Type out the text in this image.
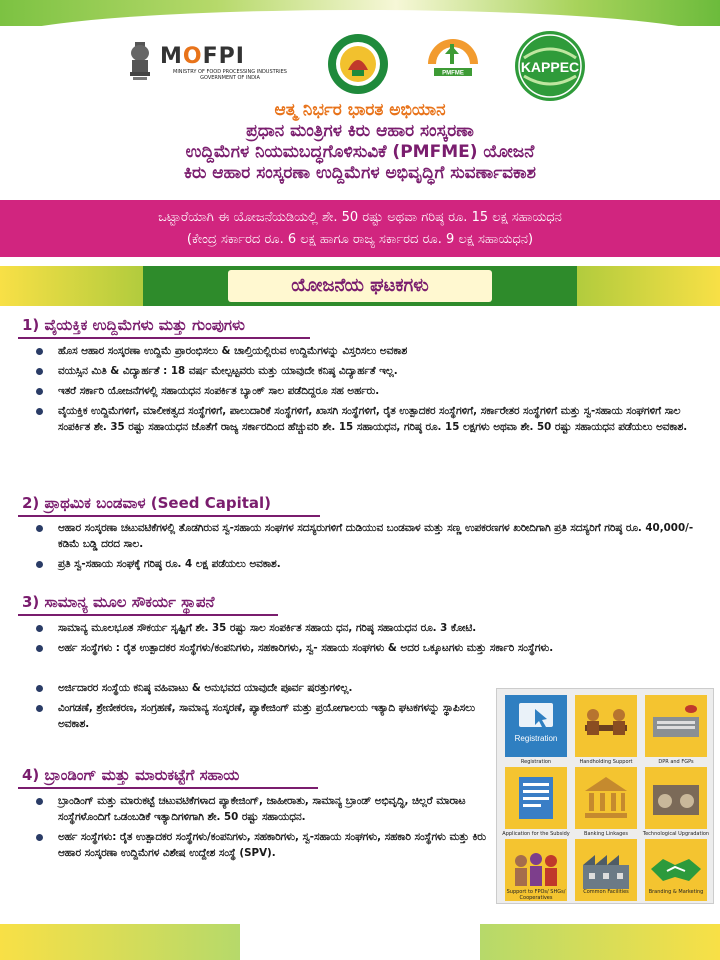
MOFPI
MINISTRY OF FOOD PROCESSING INDUSTRIES
GOVERNMENT OF INDIA
PMFME	KAPPEC
ಆತ್ಮ ನಿರ್ಭರ ಭಾರತ ಅಭಿಯಾನ
ಪ್ರಧಾನ ಮಂತ್ರಿಗಳ ಕಿರು ಆಹಾರ ಸಂಸ್ಕರಣಾ
ಉದ್ದಿಮೆಗಳ ನಿಯಮಬದ್ಧಗೊಳಿಸುವಿಕೆ (PMFME) ಯೋಜನೆ
ಕಿರು ಆಹಾರ ಸಂಸ್ಕರಣಾ ಉದ್ದಿಮೆಗಳ ಅಭಿವೃದ್ಧಿಗೆ ಸುವರ್ಣಾವಕಾಶ
ಒಟ್ಟಾರೆಯಾಗಿ ಈ ಯೋಜನೆಯಡಿಯಲ್ಲಿ ಶೇ. 50 ರಷ್ಟು ಅಥವಾ ಗರಿಷ್ಠ ರೂ. 15 ಲಕ್ಷ ಸಹಾಯಧನ
(ಕೇಂದ್ರ ಸರ್ಕಾರದ ರೂ. 6 ಲಕ್ಷ ಹಾಗೂ ರಾಜ್ಯ ಸರ್ಕಾರದ ರೂ. 9 ಲಕ್ಷ ಸಹಾಯಧನ)
ಯೋಜನೆಯ ಘಟಕಗಳು
1) ವೈಯಕ್ತಿಕ ಉದ್ದಿಮೆಗಳು ಮತ್ತು ಗುಂಪುಗಳು
ಹೊಸ ಆಹಾರ ಸಂಸ್ಕರಣಾ ಉದ್ದಿಮೆ ಪ್ರಾರಂಭಿಸಲು & ಚಾಲ್ತಿಯಲ್ಲಿರುವ ಉದ್ದಿಮೆಗಳನ್ನು ವಿಸ್ತರಿಸಲು ಅವಕಾಶ
ವಯಸ್ಸಿನ ಮಿತಿ & ವಿದ್ಯಾರ್ಹತೆ : 18 ವರ್ಷ ಮೇಲ್ಪಟ್ಟವರು ಮತ್ತು ಯಾವುದೇ ಕನಿಷ್ಠ ವಿದ್ಯಾರ್ಹತೆ ಇಲ್ಲ.
ಇತರೆ ಸರ್ಕಾರಿ ಯೋಜನೆಗಳಲ್ಲಿ ಸಹಾಯಧನ ಸಂಪರ್ಕಿತ ಬ್ಯಾಂಕ್ ಸಾಲ ಪಡೆದಿದ್ದರೂ ಸಹ ಅರ್ಹರು.
ವೈಯಕ್ತಿಕ ಉದ್ದಿಮೆಗಳಿಗೆ, ಮಾಲೀಕತ್ವದ ಸಂಸ್ಥೆಗಳಿಗೆ, ಪಾಲುದಾರಿಕೆ ಸಂಸ್ಥೆಗಳಿಗೆ, ಖಾಸಗಿ ಸಂಸ್ಥೆಗಳಿಗೆ, ರೈತ ಉತ್ಪಾದಕರ ಸಂಸ್ಥೆಗಳಿಗೆ, ಸರ್ಕಾರೇತರ ಸಂಸ್ಥೆಗಳಿಗೆ ಮತ್ತು ಸ್ವ-ಸಹಾಯ ಸಂಘಗಳಿಗೆ ಸಾಲ ಸಂಪರ್ಕಿತ ಶೇ. 35 ರಷ್ಟು ಸಹಾಯಧನ ಜೊತೆಗೆ ರಾಜ್ಯ ಸರ್ಕಾರದಿಂದ ಹೆಚ್ಚುವರಿ ಶೇ. 15 ಸಹಾಯಧನ, ಗರಿಷ್ಠ ರೂ. 15 ಲಕ್ಷಗಳು ಅಥವಾ ಶೇ. 50 ರಷ್ಟು ಸಹಾಯಧನ ಪಡೆಯಲು ಅವಕಾಶ.
2) ಪ್ರಾಥಮಿಕ ಬಂಡವಾಳ (Seed Capital)
ಆಹಾರ ಸಂಸ್ಕರಣಾ ಚಟುವಟಿಕೆಗಳಲ್ಲಿ ತೊಡಗಿರುವ ಸ್ವ-ಸಹಾಯ ಸಂಘಗಳ ಸದಸ್ಯರುಗಳಿಗೆ ದುಡಿಯುವ ಬಂಡವಾಳ ಮತ್ತು ಸಣ್ಣ ಉಪಕರಣಗಳ ಖರೀದಿಗಾಗಿ ಪ್ರತಿ ಸದಸ್ಯರಿಗೆ ಗರಿಷ್ಠ ರೂ. 40,000/- ಕಡಿಮೆ ಬಡ್ಡಿ ದರದ ಸಾಲ.
ಪ್ರತಿ ಸ್ವ-ಸಹಾಯ ಸಂಘಕ್ಕೆ ಗರಿಷ್ಠ ರೂ. 4 ಲಕ್ಷ ಪಡೆಯಲು ಅವಕಾಶ.
3) ಸಾಮಾನ್ಯ ಮೂಲ ಸೌಕರ್ಯ ಸ್ಥಾಪನೆ
ಸಾಮಾನ್ಯ ಮೂಲಭೂತ ಸೌಕರ್ಯ ಸೃಷ್ಟಿಗೆ ಶೇ. 35 ರಷ್ಟು ಸಾಲ ಸಂಪರ್ಕಿತ ಸಹಾಯ ಧನ, ಗರಿಷ್ಠ ಸಹಾಯಧನ ರೂ. 3 ಕೋಟಿ.
ಅರ್ಹ ಸಂಸ್ಥೆಗಳು : ರೈತ ಉತ್ಪಾದಕರ ಸಂಸ್ಥೆಗಳು/ಕಂಪನಿಗಳು, ಸಹಕಾರಿಗಳು, ಸ್ವ- ಸಹಾಯ ಸಂಘಗಳು & ಅದರ ಒಕ್ಕೂಟಗಳು ಮತ್ತು ಸರ್ಕಾರಿ ಸಂಸ್ಥೆಗಳು.
ಅರ್ಜಿದಾರರ ಸಂಸ್ಥೆಯ ಕನಿಷ್ಠ ವಹಿವಾಟು & ಅನುಭವದ ಯಾವುದೇ ಪೂರ್ವ ಷರತ್ತುಗಳಿಲ್ಲ.
ವಿಂಗಡಣೆ, ಶ್ರೇಣೀಕರಣ, ಸಂಗ್ರಹಣೆ, ಸಾಮಾನ್ಯ ಸಂಸ್ಕರಣೆ, ಪ್ಯಾಕೇಜಿಂಗ್ ಮತ್ತು ಪ್ರಯೋಗಾಲಯ ಇತ್ಯಾದಿ ಘಟಕಗಳನ್ನು ಸ್ಥಾಪಿಸಲು ಅವಕಾಶ.
4) ಬ್ರಾಂಡಿಂಗ್ ಮತ್ತು ಮಾರುಕಟ್ಟೆಗೆ ಸಹಾಯ
ಬ್ರಾಂಡಿಂಗ್ ಮತ್ತು ಮಾರುಕಟ್ಟೆ ಚಟುವಟಿಕೆಗಳಾದ ಪ್ಯಾಕೇಜಿಂಗ್, ಜಾಹೀರಾತು, ಸಾಮಾನ್ಯ ಬ್ರಾಂಡ್ ಅಭಿವೃದ್ಧಿ, ಚಿಲ್ಲರೆ ಮಾರಾಟ ಸಂಸ್ಥೆಗಳೊಂದಿಗೆ ಒಡಂಬಡಿಕೆ ಇತ್ಯಾದಿಗಳಿಗಾಗಿ ಶೇ. 50 ರಷ್ಟು ಸಹಾಯಧನ.
ಅರ್ಹ ಸಂಸ್ಥೆಗಳು: ರೈತ ಉತ್ಪಾದಕರ ಸಂಸ್ಥೆಗಳು/ಕಂಪನಿಗಳು, ಸಹಕಾರಿಗಳು, ಸ್ವ-ಸಹಾಯ ಸಂಘಗಳು, ಸಹಕಾರಿ ಸಂಸ್ಥೆಗಳು ಮತ್ತು ಕಿರು ಆಹಾರ ಸಂಸ್ಕರಣಾ ಉದ್ದಿಮೆಗಳ ವಿಶೇಷ ಉದ್ದೇಶ ಸಂಸ್ಥೆ (SPV).
Registration
Registration	Handholding Support	DPR and FGPs
Application for the Subsidy	Banking Linkages	Technological Upgradation
Support to FPOs/ SHGs/ Cooperatives
Common Facilities	Branding & Marketing
